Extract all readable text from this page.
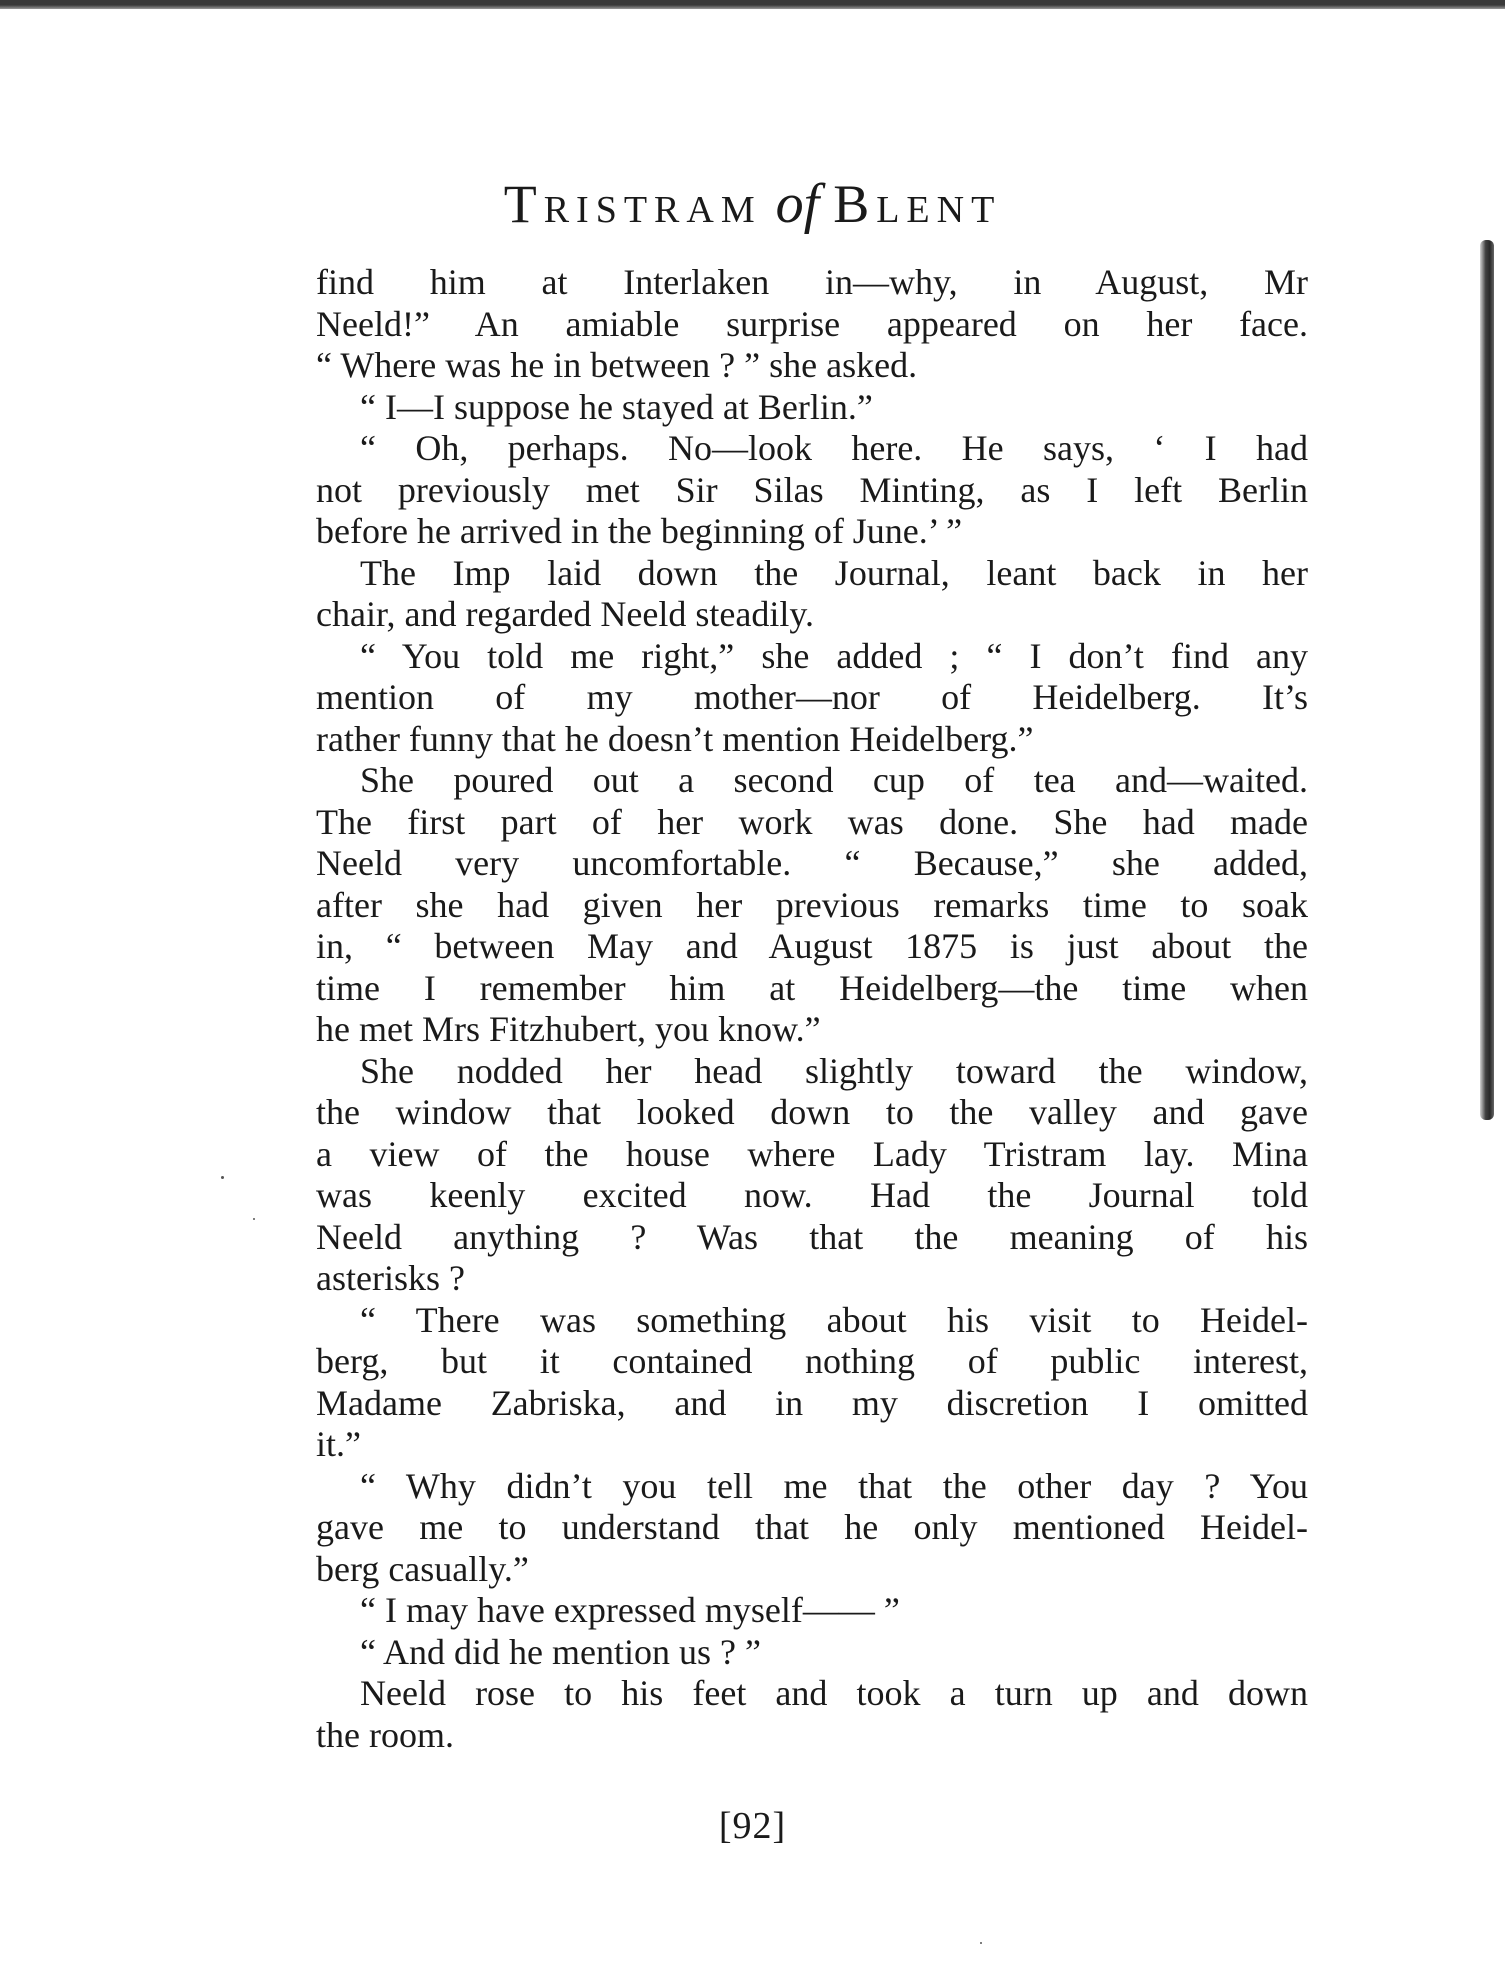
Tristram of Blent
find him at Interlaken in—why, in August, Mr
Neeld!” An amiable surprise appeared on her face.
“ Where was he in between ? ” she asked.
“ I—I suppose he stayed at Berlin.”
“ Oh, perhaps. No—look here. He says, ‘ I had
not previously met Sir Silas Minting, as I left Berlin
before he arrived in the beginning of June.’ ”
The Imp laid down the Journal, leant back in her
chair, and regarded Neeld steadily.
“ You told me right,” she added ; “ I don’t find any
mention of my mother—nor of Heidelberg. It’s
rather funny that he doesn’t mention Heidelberg.”
She poured out a second cup of tea and—waited.
The first part of her work was done. She had made
Neeld very uncomfortable. “ Because,” she added,
after she had given her previous remarks time to soak
in, “ between May and August 1875 is just about the
time I remember him at Heidelberg—the time when
he met Mrs Fitzhubert, you know.”
She nodded her head slightly toward the window,
the window that looked down to the valley and gave
a view of the house where Lady Tristram lay. Mina
was keenly excited now. Had the Journal told
Neeld anything ? Was that the meaning of his
asterisks ?
“ There was something about his visit to Heidel-
berg, but it contained nothing of public interest,
Madame Zabriska, and in my discretion I omitted
it.”
“ Why didn’t you tell me that the other day ? You
gave me to understand that he only mentioned Heidel-
berg casually.”
“ I may have expressed myself—— ”
“ And did he mention us ? ”
Neeld rose to his feet and took a turn up and down
the room.
[92]
